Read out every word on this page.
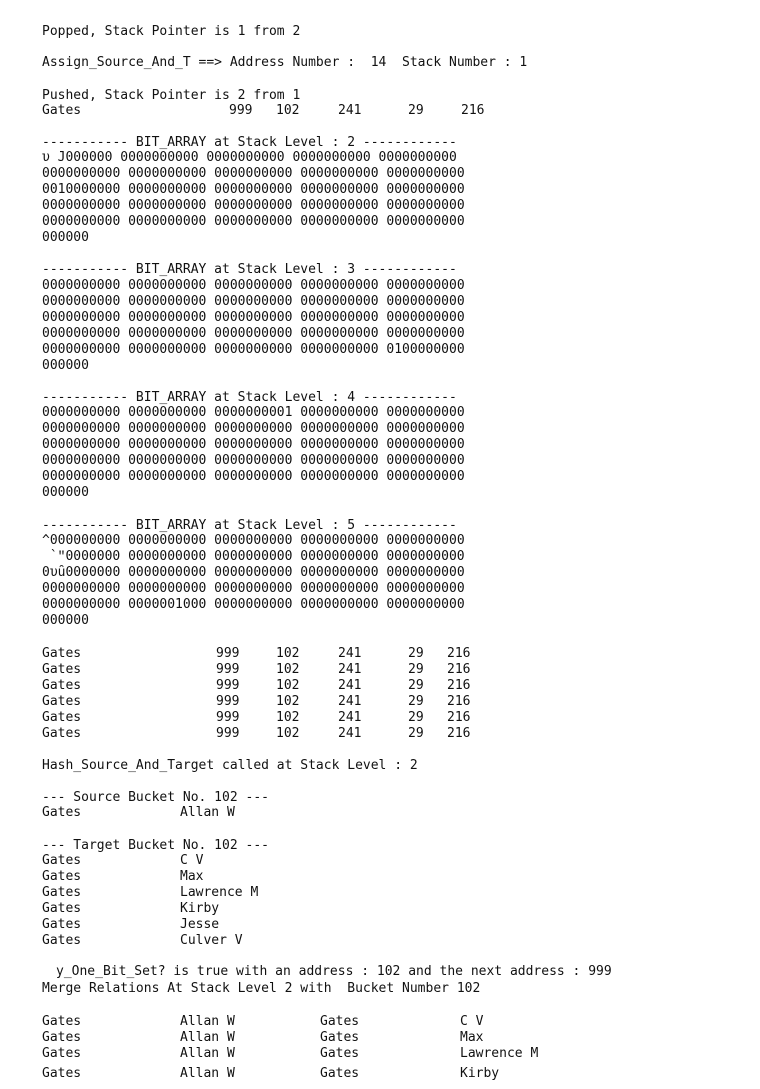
Popped, Stack Pointer is 1 from 2
Assign_Source_And_T ==> Address Number :  14  Stack Number : 1
Pushed, Stack Pointer is 2 from 1
Gates	999 102	241	29	216
----------- BIT_ARRAY at Stack Level : 2 ------------
υ J000000 0000000000 0000000000 0000000000 0000000000
0000000000 0000000000 0000000000 0000000000 0000000000
0010000000 0000000000 0000000000 0000000000 0000000000
0000000000 0000000000 0000000000 0000000000 0000000000
0000000000 0000000000 0000000000 0000000000 0000000000
000000
----------- BIT_ARRAY at Stack Level : 3 ------------
0000000000 0000000000 0000000000 0000000000 0000000000
0000000000 0000000000 0000000000 0000000000 0000000000
0000000000 0000000000 0000000000 0000000000 0000000000
0000000000 0000000000 0000000000 0000000000 0000000000
0000000000 0000000000 0000000000 0000000000 0100000000
000000
----------- BIT_ARRAY at Stack Level : 4 ------------
0000000000 0000000000 0000000001 0000000000 0000000000
0000000000 0000000000 0000000000 0000000000 0000000000
0000000000 0000000000 0000000000 0000000000 0000000000
0000000000 0000000000 0000000000 0000000000 0000000000
0000000000 0000000000 0000000000 0000000000 0000000000
000000
----------- BIT_ARRAY at Stack Level : 5 ------------
^000000000 0000000000 0000000000 0000000000 0000000000
`ʺ0000000 0000000000 0000000000 0000000000 0000000000
0υȗ0000000 0000000000 0000000000 0000000000 0000000000
0000000000 0000000000 0000000000 0000000000 0000000000
0000000000 0000001000 0000000000 0000000000 0000000000
000000
Gates	999	102	241	29 216
Gates	999	102	241	29 216
Gates	999	102	241	29 216
Gates	999	102	241	29 216
Gates	999	102	241	29 216
Gates	999	102	241	29 216
Hash_Source_And_Target called at Stack Level : 2
--- Source Bucket No. 102 ---
Gates	Allan W
--- Target Bucket No. 102 ---
Gates	C V
Gates	Max
Gates	Lawrence M
Gates	Kirby
Gates	Jesse
Gates	Culver V
y_One_Bit_Set? is true with an address : 102 and the next address : 999
Merge Relations At Stack Level 2 with  Bucket Number 102
Gates	Allan W	Gates	C V
Gates	Allan W	Gates	Max
Gates	Allan W	Gates	Lawrence M
Gates	Allan W	Gates	Kirby
